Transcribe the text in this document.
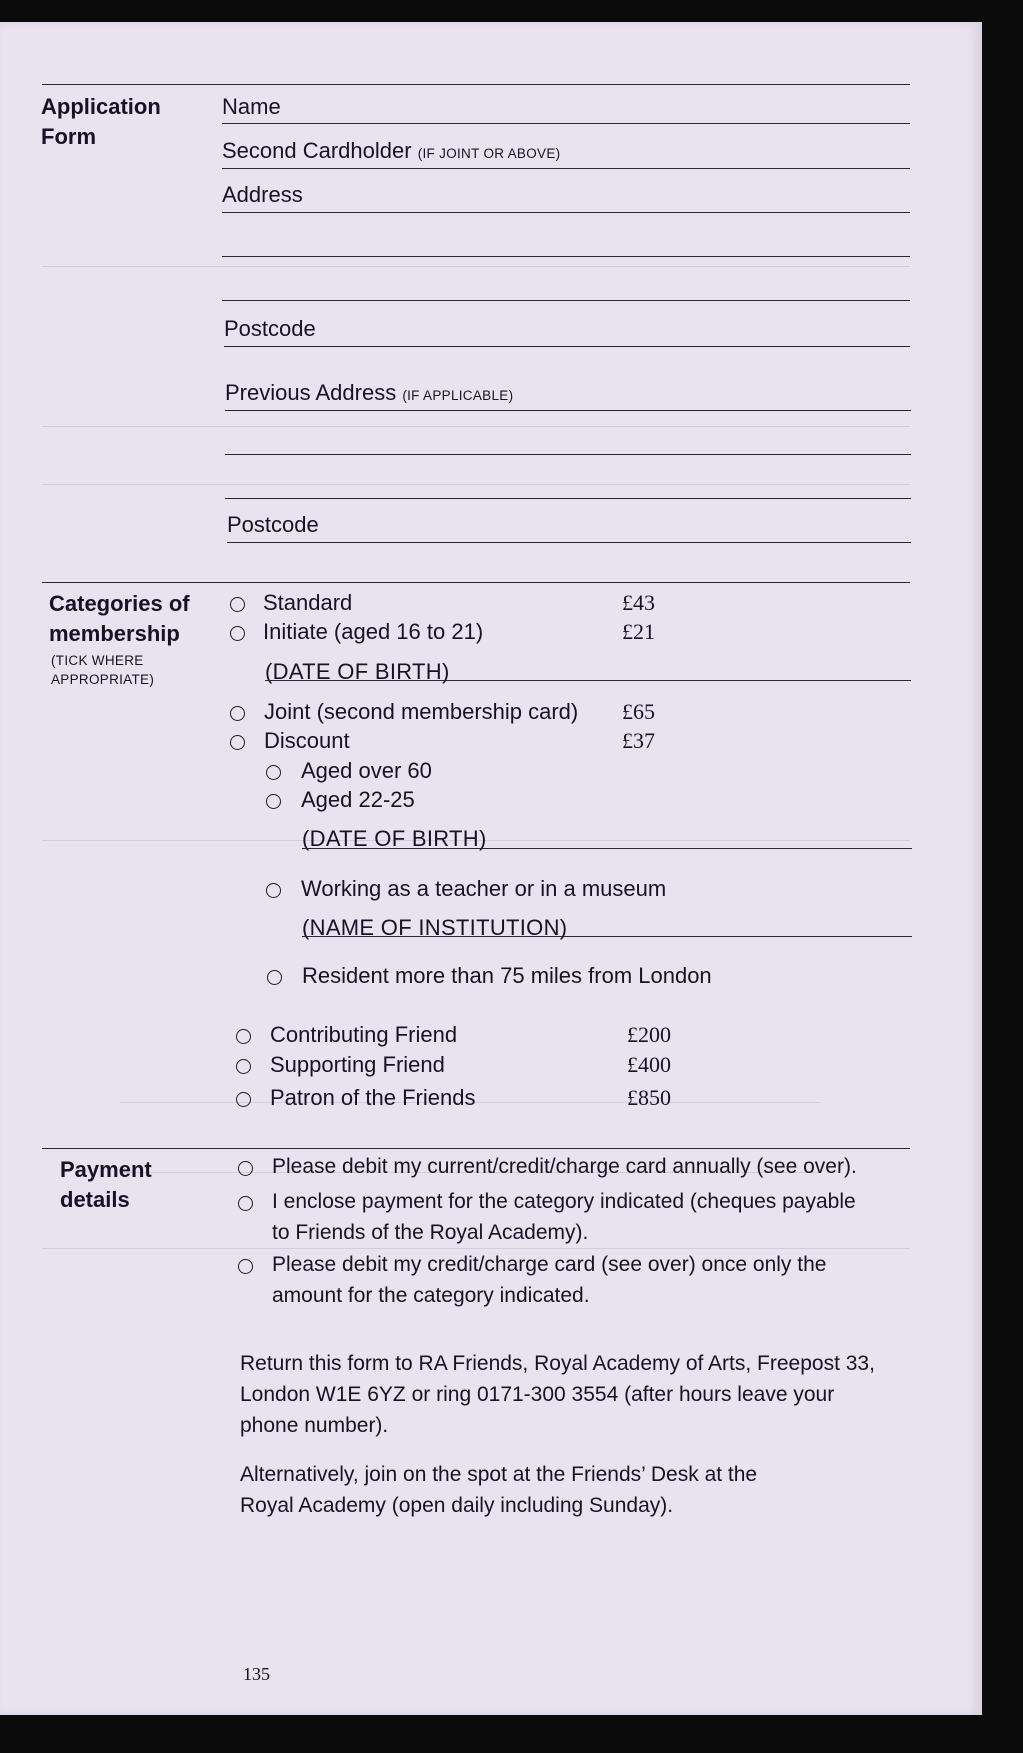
Application
Form
Name
Second Cardholder (IF JOINT OR ABOVE)
Address
Postcode
Previous Address (IF APPLICABLE)
Postcode
Categories of
membership
(TICK WHERE
APPROPRIATE)
Standard	£43
Initiate (aged 16 to 21)	£21
(DATE OF BIRTH)
Joint (second membership card) £65
Discount	£37
Aged over 60
Aged 22-25
(DATE OF BIRTH)
Working as a teacher or in a museum
(NAME OF INSTITUTION)
Resident more than 75 miles from London
Contributing Friend	£200
Supporting Friend	£400
Patron of the Friends	£850
Payment
details
Please debit my current/credit/charge card annually (see over).
I enclose payment for the category indicated (cheques payable
to Friends of the Royal Academy).
Please debit my credit/charge card (see over) once only the
amount for the category indicated.
Return this form to RA Friends, Royal Academy of Arts, Freepost 33,
London W1E 6YZ or ring 0171-300 3554 (after hours leave your
phone number).
Alternatively, join on the spot at the Friends’ Desk at the
Royal Academy (open daily including Sunday).
135
